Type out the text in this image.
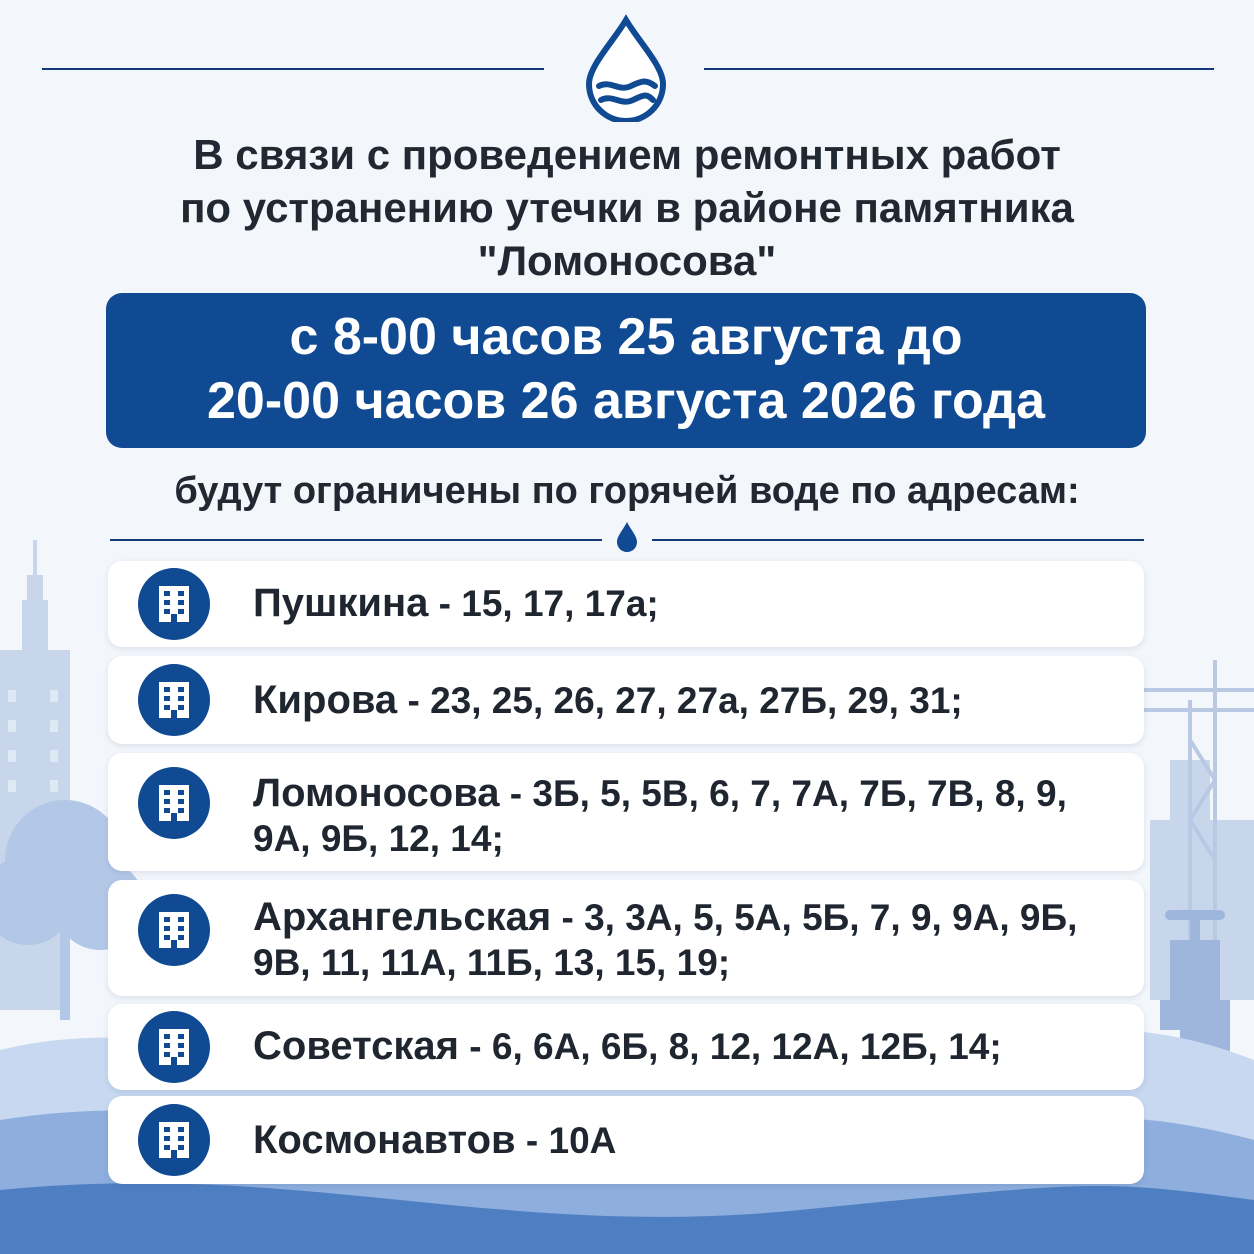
В связи с проведением ремонтных работ
по устранению утечки в районе памятника
"Ломоносова"
с 8-00 часов 25 августа до
20-00 часов 26 августа 2026 года
будут ограничены по горячей воде по адресам:
Пушкина - 15, 17, 17а;
Кирова - 23, 25, 26, 27, 27а, 27Б, 29, 31;
Ломоносова - 3Б, 5, 5В, 6, 7, 7А, 7Б, 7В, 8, 9, 9А, 9Б, 12, 14;
Архангельская - 3, 3А, 5, 5А, 5Б, 7, 9, 9А, 9Б, 9В, 11, 11А, 11Б, 13, 15, 19;
Советская - 6, 6А, 6Б, 8, 12, 12А, 12Б, 14;
Космонавтов - 10А
